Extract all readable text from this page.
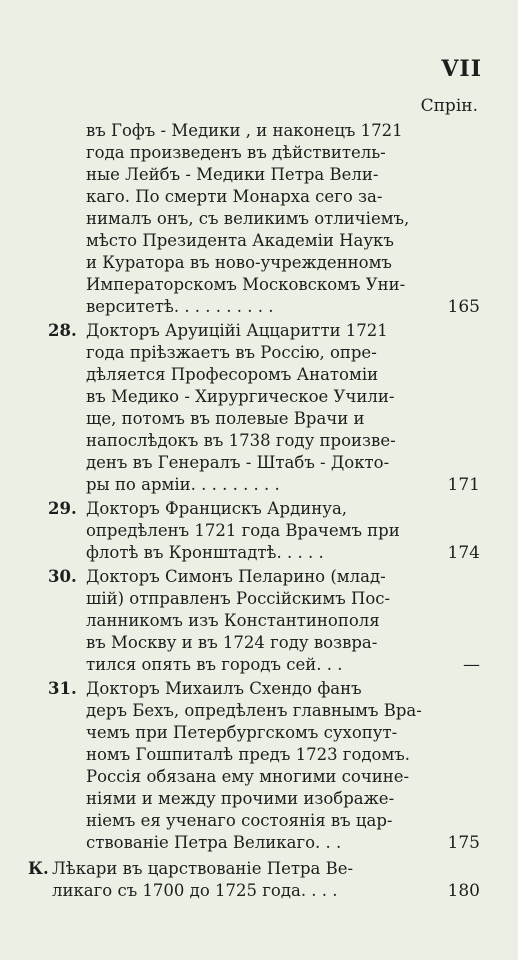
VII
Спрін.
въ Гофъ - Медики , и наконецъ 1721
года произведенъ въ дѣйствитель-
ные Лейбъ - Медики Петра Вели-
каго. По смерти Монарха сего за-
нималъ онъ, съ великимъ отличіемъ,
мѣсто Президента Академіи Наукъ
и Куратора въ ново-учрежденномъ
Императорскомъ Московскомъ Уни-
верситетѣ. . . . . . . . . .	165
28. Докторъ Аруиційі Аццаритти 1721
года пріѣзжаетъ въ Россію, опре-
дѣляется Професоромъ Анатоміи
въ Медико - Хирургическое Учили-
ще, потомъ въ полевые Врачи и
напослѣдокъ въ 1738 году произве-
денъ въ Генералъ - Штабъ - Докто-
ры по арміи. . . . . . . . .	171
29. Докторъ Францискъ Ардинуа,
опредѣленъ 1721 года Врачемъ при
флотѣ въ Кронштадтѣ. . . . .	174
30. Докторъ Симонъ Пеларино (млад-
шій) отправленъ Россійскимъ Пос-
ланникомъ изъ Константинополя
въ Москву и въ 1724 году возвра-
тился опять въ городъ сей. . .	—
31. Докторъ Михаилъ Схендо фанъ
деръ Бехъ, опредѣленъ главнымъ Вра-
чемъ при Петербургскомъ сухопут-
номъ Гошпиталѣ предъ 1723 годомъ.
Россія обязана ему многими сочине-
ніями и между прочими изображе-
ніемъ ея ученаго состоянія въ цар-
ствованіе Петра Великаго. . .	175
К. Лѣкари въ царствованіе Петра Ве-
ликаго съ 1700 до 1725 года. . . .	180
